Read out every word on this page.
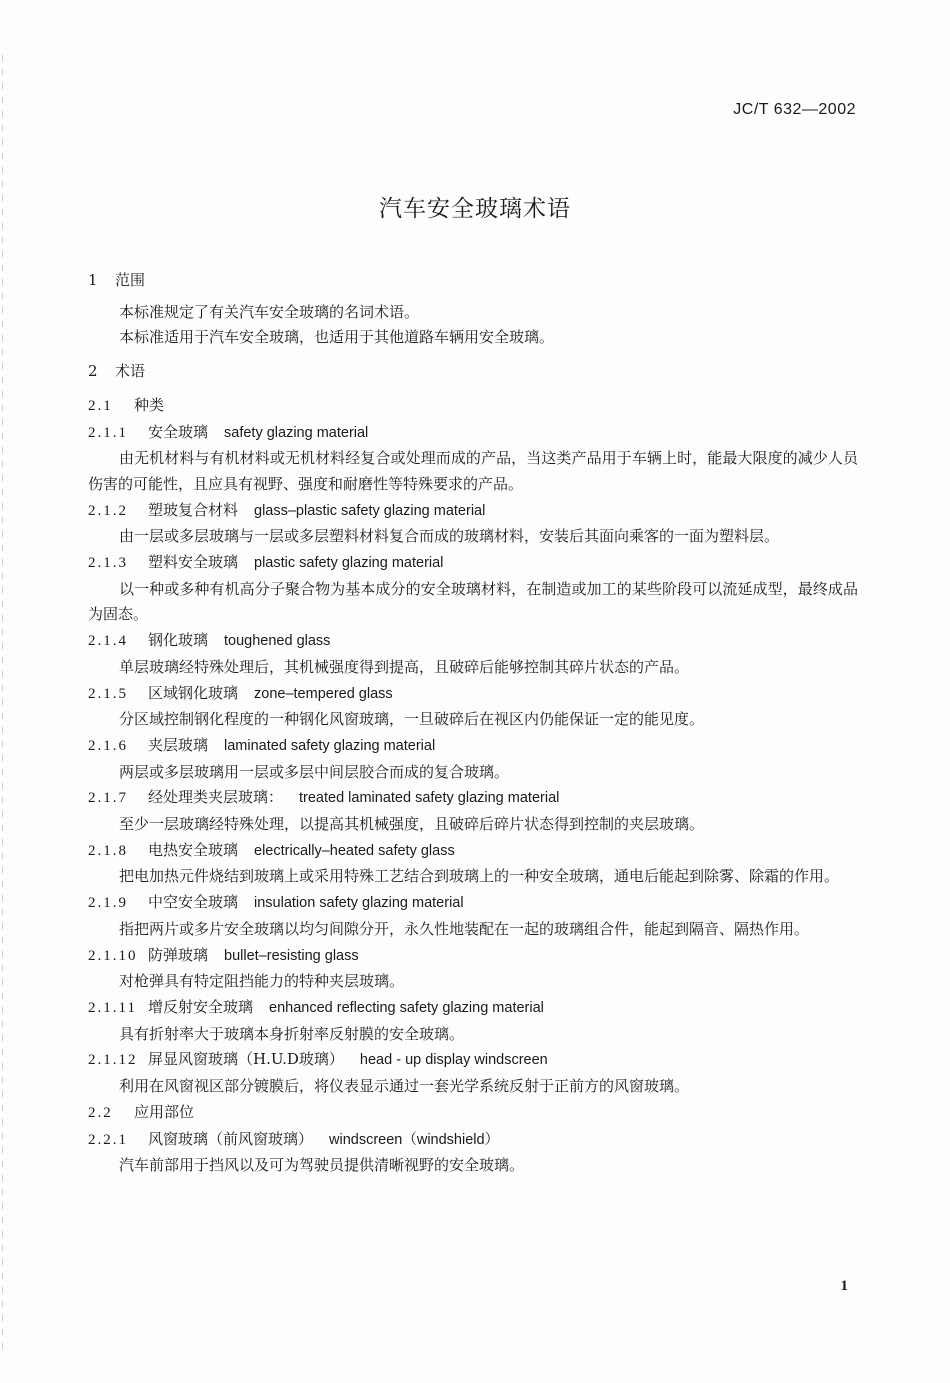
JC/T 632—2002
汽车安全玻璃术语
1 范围
本标准规定了有关汽车安全玻璃的名词术语。
本标准适用于汽车安全玻璃，也适用于其他道路车辆用安全玻璃。
2 术语
2.1 种类
2.1.1 安全玻璃 safety glazing material
由无机材料与有机材料或无机材料经复合或处理而成的产品，当这类产品用于车辆上时，能最大限度的减少人员伤害的可能性，且应具有视野、强度和耐磨性等特殊要求的产品。
2.1.2 塑玻复合材料 glass–plastic safety glazing material
由一层或多层玻璃与一层或多层塑料材料复合而成的玻璃材料，安装后其面向乘客的一面为塑料层。
2.1.3 塑料安全玻璃 plastic safety glazing material
以一种或多种有机高分子聚合物为基本成分的安全玻璃材料，在制造或加工的某些阶段可以流延成型，最终成品为固态。
2.1.4 钢化玻璃 toughened glass
单层玻璃经特殊处理后，其机械强度得到提高，且破碎后能够控制其碎片状态的产品。
2.1.5 区域钢化玻璃 zone–tempered glass
分区域控制钢化程度的一种钢化风窗玻璃，一旦破碎后在视区内仍能保证一定的能见度。
2.1.6 夹层玻璃 laminated safety glazing material
两层或多层玻璃用一层或多层中间层胶合而成的复合玻璃。
2.1.7 经处理类夹层玻璃： treated laminated safety glazing material
至少一层玻璃经特殊处理，以提高其机械强度，且破碎后碎片状态得到控制的夹层玻璃。
2.1.8 电热安全玻璃 electrically–heated safety glass
把电加热元件烧结到玻璃上或采用特殊工艺结合到玻璃上的一种安全玻璃，通电后能起到除雾、除霜的作用。
2.1.9 中空安全玻璃 insulation safety glazing material
指把两片或多片安全玻璃以均匀间隙分开，永久性地装配在一起的玻璃组合件，能起到隔音、隔热作用。
2.1.10 防弹玻璃 bullet–resisting glass
对枪弹具有特定阻挡能力的特种夹层玻璃。
2.1.11 增反射安全玻璃 enhanced reflecting safety glazing material
具有折射率大于玻璃本身折射率反射膜的安全玻璃。
2.1.12 屏显风窗玻璃（H.U.D玻璃） head - up display windscreen
利用在风窗视区部分镀膜后，将仪表显示通过一套光学系统反射于正前方的风窗玻璃。
2.2 应用部位
2.2.1 风窗玻璃（前风窗玻璃） windscreen（windshield）
汽车前部用于挡风以及可为驾驶员提供清晰视野的安全玻璃。
1
